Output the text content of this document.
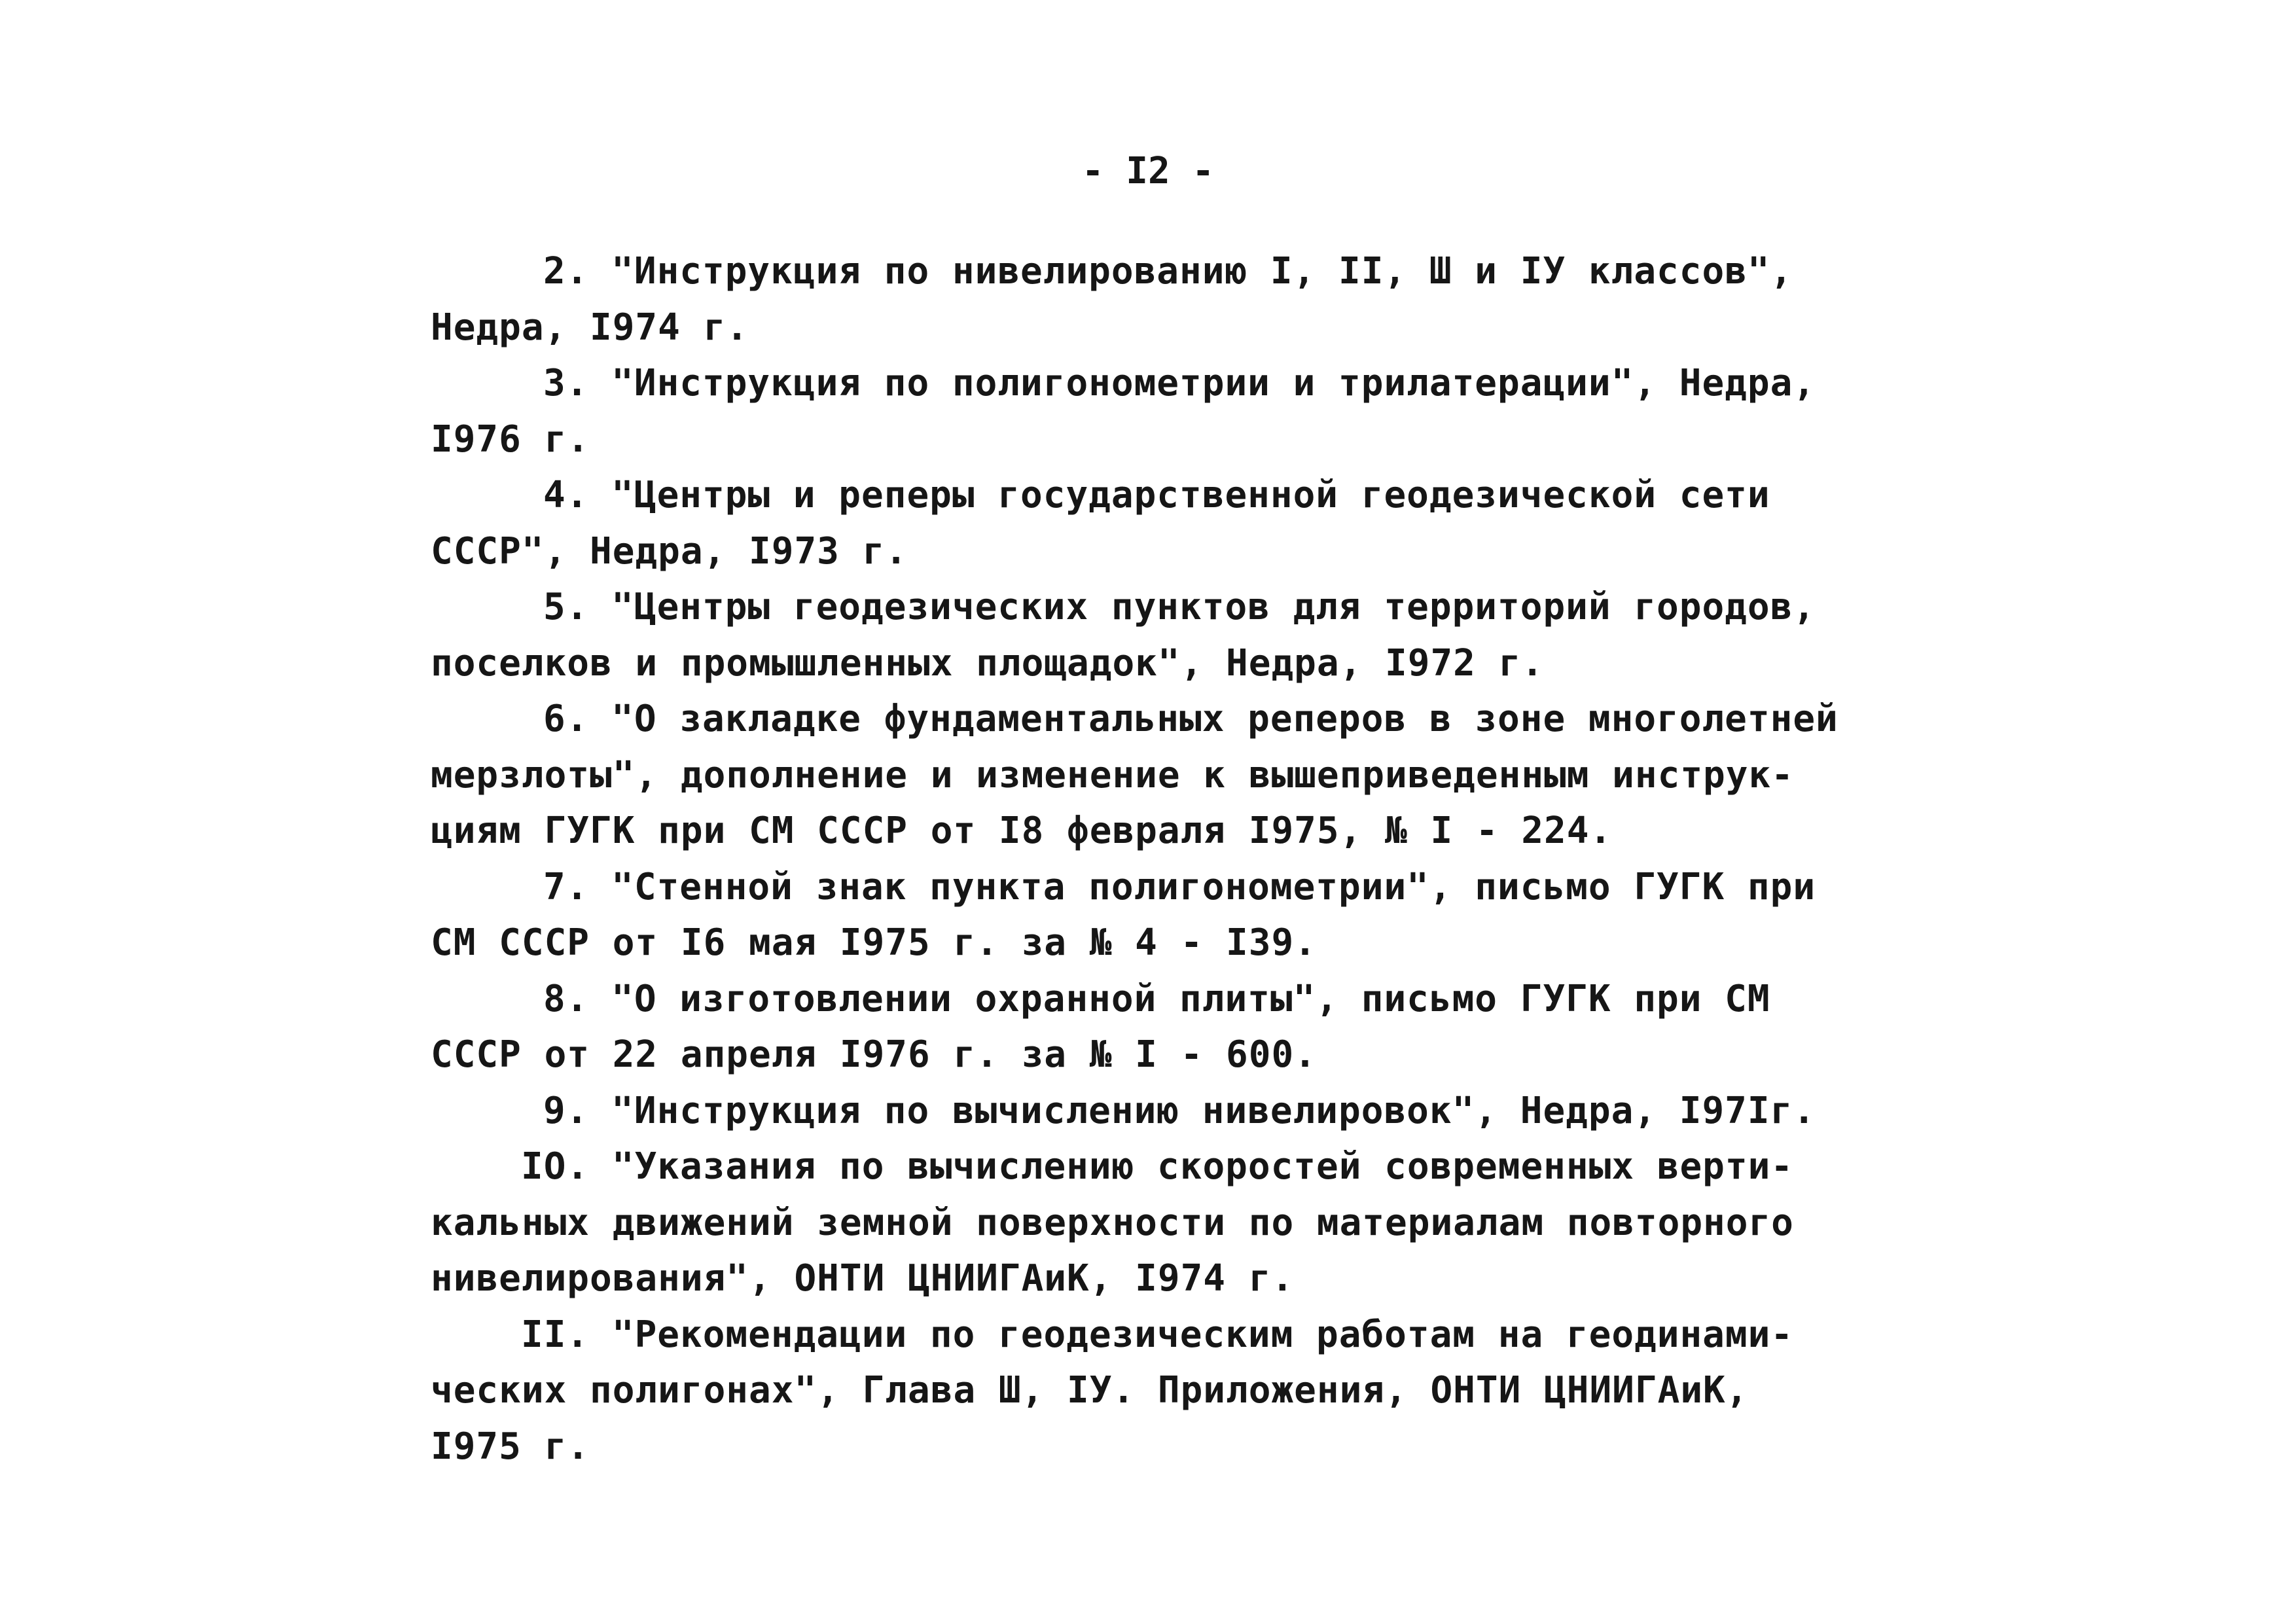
- I2 -
2. "Инструкция по нивелированию I, II, Ш и IУ классов",
Недра, I974 г.
3. "Инструкция по полигонометрии и трилатерации", Недра,
I976 г.
4. "Центры и реперы государственной геодезической сети
СССР", Недра, I973 г.
5. "Центры геодезических пунктов для территорий городов,
поселков и промышленных площадок", Недра, I972 г.
6. "О закладке фундаментальных реперов в зоне многолетней
мерзлоты", дополнение и изменение к вышеприведенным инструк-
циям ГУГК при СМ СССР от I8 февраля I975, № I - 224.
7. "Стенной знак пункта полигонометрии", письмо ГУГК при
СМ СССР от I6 мая I975 г. за № 4 - I39.
8. "О изготовлении охранной плиты", письмо ГУГК при СМ
СССР от 22 апреля I976 г. за № I - 600.
9. "Инструкция по вычислению нивелировок", Недра, I97Iг.
IО. "Указания по вычислению скоростей современных верти-
кальных движений земной поверхности по материалам повторного
нивелирования", ОНТИ ЦНИИГАиК, I974 г.
II. "Рекомендации по геодезическим работам на геодинами-
ческих полигонах", Глава Ш, IУ. Приложения, ОНТИ ЦНИИГАиК,
I975 г.
